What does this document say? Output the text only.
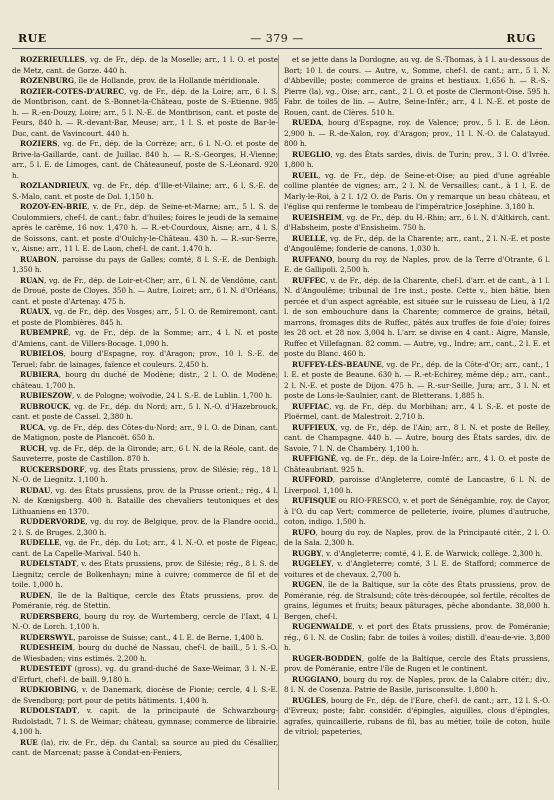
RUE	— 379 —	RUG

ROZERIEULLES, vg. de Fr., dép. de la Moselle; arr., 1 l. O. et poste de Metz, cant. de Gorze. 440 h.

ROZENBURG, île de Hollande, prov. de la Hollande méridionale.

ROZIER-COTES-D'AUREC, vg. de Fr., dép. de la Loire; arr., 6 l. S. de Montbrison, cant. de S.-Bonnet-la-Château, poste de S.-Etienne. 985 h. — R.-en-Douzy, Loire; arr., 5 l. N.-E. de Montbrison, cant. et poste de Feurs, 840 h. — R.-devant-Bar, Meuse; arr., 1 l. S. et poste de Bar-le-Duc, cant. de Vavincourt. 440 h.

ROZIERS, vg. de Fr., dép. de la Corrèze; arr., 6 l. N.-O. et poste de Brive-la-Gaillarde, cant. de Juillac. 840 h. — R.-S.-Georges, H.-Vienne; arr., 5 l. E. de Limoges, cant. de Châteauneuf, poste de S.-Léonard. 920 h.

ROZLANDRIEUX, vg. de Fr., dép. d'Ille-et-Vilaine; arr., 6 l. S.-E. de S.-Malo, cant. et poste de Dol. 1,150 h.

ROZOY-EN-BRIE, v. de Fr., dép. de Seine-et-Marne; arr., 5 l. S. de Coulommiers, chef-l. de cant.; fabr. d'huiles; foires le jeudi de la semaine après le carême, 16 nov. 1,470 h. — R.-et-Courdoux, Aisne; arr., 4 l. S. de Soissons, cant. et poste d'Oulchy-le-Château. 430 h. — R.-sur-Serre, v., Aisne; arr., 11 l. E. de Laon, chef-l. de cant. 1,470 h.

RUABON, paroisse du pays de Galles; comté, 8 l. S.-E. de Denbigh. 1,350 h.

RUAN, vg. de Fr., dép. de Loir-et-Cher; arr., 6 l. N. de Vendôme, cant. de Droué, poste de Cloyes. 350 h. — Autre, Loiret; arr., 6 l. N. d'Orléans, cant. et poste d'Artenay. 475 h.

RUAUX, vg. de Fr., dép. des Vosges; arr., 5 l. O. de Remiremont, cant. et poste de Plombières. 845 h.

RUBEMPRÉ, vg. de Fr., dép. de la Somme; arr., 4 l. N. et poste d'Amiens, cant. de Villers-Bocage. 1,090 h.

RUBIELOS, bourg d'Espagne, roy. d'Aragon; prov., 10 l. S.-E. de Teruel; fabr. de lainages, faïence et couleurs. 2,450 h.

RUBIERA, bourg du duché de Modène; distr., 2 l. O. de Modène; château. 1,700 h.

RUBIESZOW, v. de Pologne; woïvodie, 24 l. S.-E. de Lublin. 1,700 h.

RUBROUCK, vg. de Fr., dép. du Nord; arr., 5 l. N.-O. d'Hazebrouck, cant. et poste de Cassel. 2,380 h.

RUCA, vg. de Fr., dép. des Côtes-du-Nord; arr., 9 l. O. de Dinan, cant. de Matignon, poste de Plancoët. 650 h.

RUCH, vg. de Fr., dép. de la Gironde; arr., 6 l. N. de la Réole, cant. de Sauveterre, poste de Castillon. 870 h.

RUCKERSDORF, vg. des États prussiens, prov. de Silésie; rég., 18 l. N.-O. de Liegnitz. 1,100 h.

RUDAU, vg. des États prussiens, prov. de la Prusse orient.; rég., 4 l. N. de Kœnigsberg. 400 h. Bataille des chevaliers teutoniques et des Lithuaniens en 1370.

RUDDERVORDE, vg. du roy. de Belgique, prov. de la Flandre occid., 2 l. S. de Bruges. 2,300 h.

RUDELLE, vg. de Fr., dép. du Lot; arr., 4 l. N.-O. et poste de Figeac, cant. de La Capelle-Marival. 540 h.

RUDELSTADT, v. des États prussiens, prov. de Silésie; rég., 8 l. S. de Liegnitz; cercle de Bolkenhayn; mine à cuivre; commerce de fil et de toile. 1,000 h.

RUDEN, île de la Baltique, cercle des États prussiens, prov. de Poméranie, rég. de Stettin.

RUDERSBERG, bourg du roy. de Wurtemberg, cercle de l'Iaxt, 4 l. N.-O. de Lorch. 1,100 h.

RUDERSWYL, paroisse de Suisse; cant., 4 l. E. de Berne. 1,400 h.

RUDESHEIM, bourg du duché de Nassau, chef-l. de baill., 5 l. S.-O. de Wiesbaden; vins estimés. 2,200 h.

RUDESTEDT (gross), vg. du grand-duché de Saxe-Weimar, 3 l. N.-E. d'Erfurt, chef-l. de baill. 9,180 h.

RUDKIOBING, v. de Danemark, diocèse de Fionie; cercle, 4 l. S.-E. de Svendborg; port pour de petits bâtiments. 1,400 h.

RUDOLSTADT, v. capit. de la principauté de Schwarzbourg-Rudolstadt, 7 l. S. de Weimar; château, gymnase; commerce de librairie. 4,100 h.

RUE (la), riv. de Fr., dép. du Cantal; sa source au pied du Césallier, cant. de Marcenat; passe à Condat-en-Feniers,

et se jette dans la Dordogne, au vg. de S.-Thomas, à 1 l. au-dessous de Bort; 10 l. de cours. — Autre, v., Somme, chef-l. de cant.; arr., 5 l. N. d'Abbeville; poste; commerce de grains et bestiaux. 1,656 h. — R.-S.-Pierre (la), vg., Oise; arr., cant., 2 l. O. et poste de Clermont-Oise. 595 h. Fabr. de toiles de lin. — Autre, Seine-Infér.; arr., 4 l. N.-E. et poste de Rouen, cant. de Clères. 510 h.

RUEDA, bourg d'Espagne, roy. de Valence; prov., 5 l. E. de Léon. 2,900 h. — R.-de-Xalon, roy. d'Aragon; prov., 11 l. N.-O. de Calatayud. 800 h.

RUEGLIO, vg. des États sardes, divis. de Turin; prov., 3 l. O. d'Ivrée. 1,800 h.

RUEIL, vg. de Fr., dép. de Seine-et-Oise; au pied d'une agréable colline plantée de vignes; arr., 2 l. N. de Versailles; cant., à 1 l. E. de Marly-le-Roi, à 2 l. 1/2 O. de Paris. On y remarque un beau château, et l'église qui renferme le tombeau de l'impératrice Joséphine. 3,180 h.

RUEISHEIM, vg. de Fr., dép. du H.-Rhin; arr., 6 l. N. d'Altkirch, cant. d'Habsheim, poste d'Ensisheim. 750 h.

RUELLE, vg. de Fr., dép. de la Charente; arr., cant., 2 l. N.-E. et poste d'Angoulême; fonderie de canons. 1,030 h.

RUFFANO, bourg du roy. de Naples, prov. de la Terre d'Otrante, 6 l. E. de Gallipoli. 2,500 h.

RUFFEC, v. de Fr., dép. de la Charente, chef-l. d'arr. et de cant., à 1 l. N. d'Angoulême; tribunal de 1re inst.; poste. Cette v., bien bâtie, bien percée et d'un aspect agréable, est située sur le ruisseau de Lieu, à 1/2 l. de son embouchure dans la Charente; commerce de grains, bétail, marrons, fromages dits de Ruffec, pâtés aux truffes de foie d'oie; foires les 28 oct. et 28 nov. 3,004 h. L'arr. se divise en 4 cant.: Aigre, Mansle, Ruffec et Villefagnan. 82 comm. — Autre, vg., Indre; arr., cant., 2 l. E. et poste du Blanc. 460 h.

RUFFEY-LÈS-BEAUNE, vg. de Fr., dép. de la Côte-d'Or; arr., cant., 1 l. E. et poste de Beaune. 630 h. — R.-et-Echirey, même dép.; arr., cant., 2 l. N.-E. et poste de Dijon. 475 h. — R.-sur-Seille, Jura; arr., 3 l. N. et poste de Lons-le-Saulnier, cant. de Bletterans. 1,885 h.

RUFFIAC, vg. de Fr., dép. du Morbihan; arr., 4 l. S.-E. et poste de Ploërmel, cant. de Malestroit. 2,710 h.

RUFFIEUX, vg. de Fr., dép. de l'Ain; arr., 8 l. N. et poste de Belley, cant. de Champagne. 440 h. — Autre, bourg des États sardes, div. de Savoie, 7 l. N. de Chambéry. 1,100 h.

RUFFIGNÉ, vg. de Fr., dép. de la Loire-Infér.; arr., 4 l. O. et poste de Châteaubriant. 925 h.

RUFFORD, paroisse d'Angleterre, comté de Lancastre, 6 l. N. de Liverpool. 1,100 h.

RUFISQUE ou RIO-FRESCO, v. et port de Sénégambie, roy. de Cayor, à l'O. du cap Vert; commerce de pelleterie, ivoire, plumes d'autruche, coton, indigo. 1,500 h.

RUFO, bourg du roy. de Naples, prov. de la Principauté citér., 2 l. O. de la Sala. 2,300 h.

RUGBY, v. d'Angleterre; comté, 4 l. E. de Warwick; collège. 2,300 h.

RUGELEY, v. d'Angleterre; comté, 3 l. E. de Stafford; commerce de voitures et de chevaux. 2,700 h.

RUGEN, île de la Baltique, sur la côte des États prussiens, prov. de Poméranie, rég. de Stralsund; côte très-découpée, sol fertile, récoltes de grains, légumes et fruits; beaux pâturages, pêche abondante. 38,000 h. Bergen, chef-l.

RUGENWALDE, v. et port des États prussiens, prov. de Poméranie; rég., 6 l. N. de Coslin; fabr. de toiles à voiles; distill. d'eau-de-vie. 3,800 h.

RUGER-BODDEN, golfe de la Baltique, cercle des États prussiens, prov. de Poméranie, entre l'île de Rugen et le continent.

RUGGIANO, bourg du roy. de Naples, prov. de la Calabre citér.; div., 8 l. N. de Cosenza. Patrie de Basile, jurisconsulte. 1,800 h.

RUGLES, bourg de Fr., dép. de l'Eure, chef-l. de cant.; arr., 12 l. S.-O. d'Evreux; poste; fabr. considér. d'épingles, aiguilles, clous d'épingles, agrafes, quincaillerie, rubans de fil, bas au métier, toile de coton, huile de vitriol; papeteries,
